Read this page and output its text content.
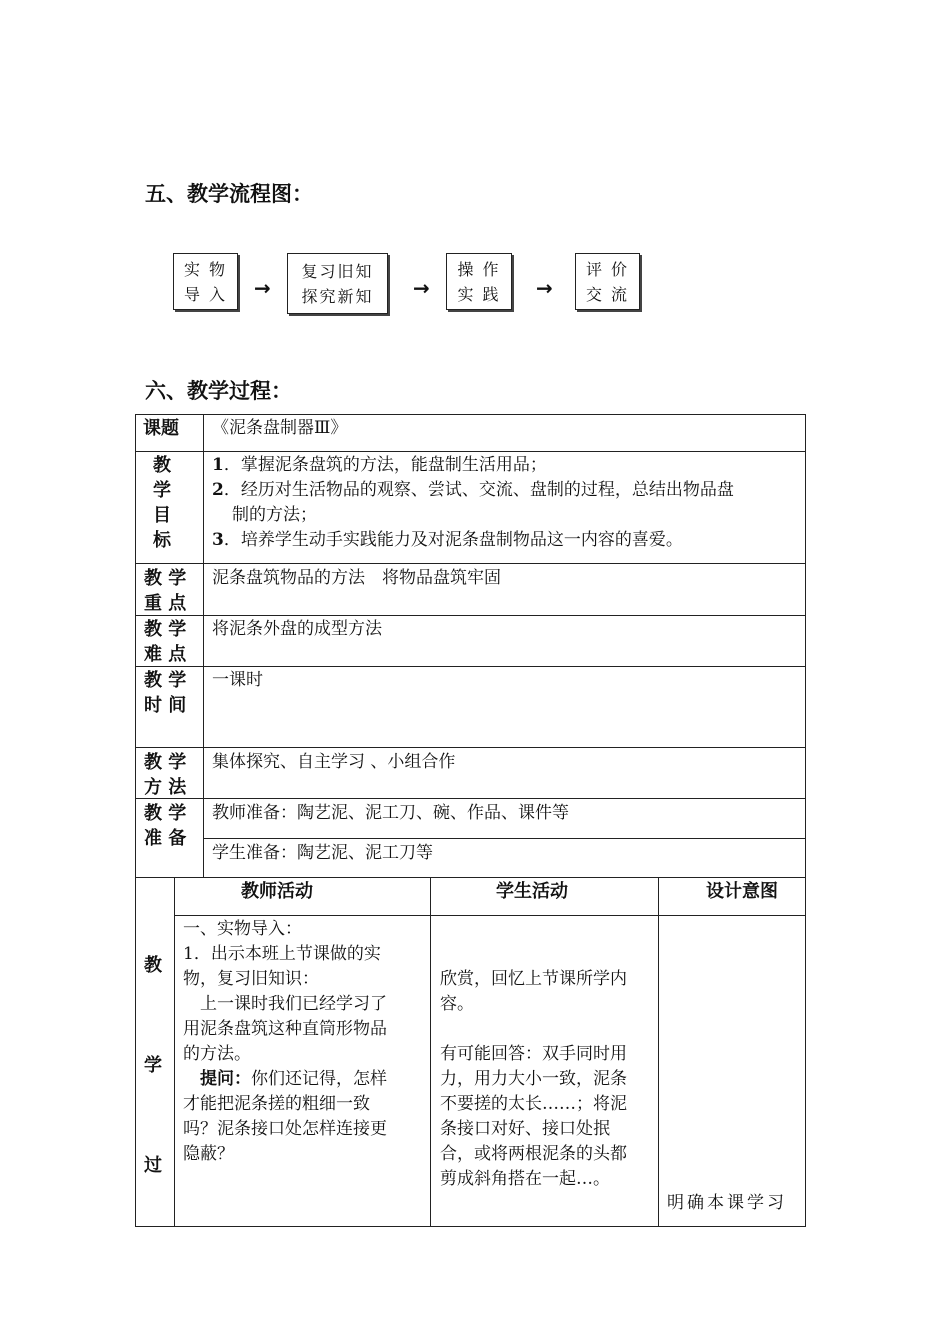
五、教学流程图：
实 物
导 入 →
复习旧知
探究新知 →
操 作
实 践 →
评 价
交 流
六、教学过程：
课题 《泥条盘制器Ⅲ》
教
学
目
标
1．掌握泥条盘筑的方法，能盘制生活用品；
2．经历对生活物品的观察、尝试、交流、盘制的过程，总结出物品盘
制的方法；
3．培养学生动手实践能力及对泥条盘制物品这一内容的喜爱。
教 学
重 点
泥条盘筑物品的方法　将物品盘筑牢固
教 学
难 点
将泥条外盘的成型方法
教 学
时 间
一课时
教 学
方 法
集体探究、自主学习 、小组合作
教 学
准 备
教师准备：陶艺泥、泥工刀、碗、作品、课件等
学生准备：陶艺泥、泥工刀等
教
学
过
教师活动	学生活动	设计意图
一、实物导入：
1．出示本班上节课做的实
物，复习旧知识：
　上一课时我们已经学习了
用泥条盘筑这种直筒形物品
的方法。
　提问：你们还记得，怎样
才能把泥条搓的粗细一致
吗？泥条接口处怎样连接更
隐蔽？
欣赏，回忆上节课所学内
容。
有可能回答：双手同时用
力，用力大小一致，泥条
不要搓的太长……；将泥
条接口对好、接口处抿
合，或将两根泥条的头都
剪成斜角搭在一起…。
明确本课学习
